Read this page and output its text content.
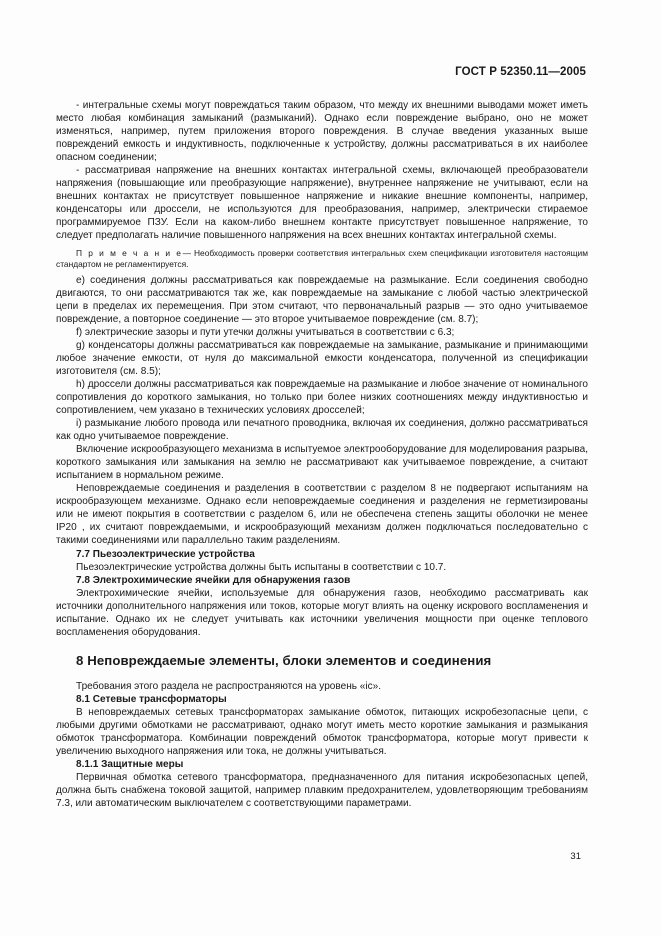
ГОСТ Р 52350.11—2005

- интегральные схемы могут повреждаться таким образом, что между их внешними выводами может иметь место любая комбинация замыканий (размыканий). Однако если повреждение выбрано, оно не может изменяться, например, путем приложения второго повреждения. В случае введения указанных выше повреждений емкость и индуктивность, подключенные к устройству, должны рассматриваться в их наиболее опасном соединении;

- рассматривая напряжение на внешних контактах интегральной схемы, включающей преобразователи напряжения (повышающие или преобразующие напряжение), внутреннее напряжение не учитывают, если на внешних контактах не присутствует повышенное напряжение и никакие внешние компоненты, например, конденсаторы или дроссели, не используются для преобразования, например, электрически стираемое программируемое ПЗУ. Если на каком-либо внешнем контакте присутствует повышенное напряжение, то следует предполагать наличие повышенного напряжения на всех внешних контактах интегральной схемы.

П р и м е ч а н и е— Необходимость проверки соответствия интегральных схем спецификации изготовителя настоящим стандартом не регламентируется.

е) соединения должны рассматриваться как повреждаемые на размыкание. Если соединения свободно двигаются, то они рассматриваются так же, как повреждаемые на замыкание с любой частью электрической цепи в пределах их перемещения. При этом считают, что первоначальный разрыв — это одно учитываемое повреждение, а повторное соединение — это второе учитываемое повреждение (см. 8.7);

f) электрические зазоры и пути утечки должны учитываться в соответствии с 6.3;

g) конденсаторы должны рассматриваться как повреждаемые на замыкание, размыкание и принимающими любое значение емкости, от нуля до максимальной емкости конденсатора, полученной из спецификации изготовителя (см. 8.5);

h) дроссели должны рассматриваться как повреждаемые на размыкание и любое значение от номинального сопротивления до короткого замыкания, но только при более низких соотношениях между индуктивностью и сопротивлением, чем указано в технических условиях дросселей;

i) размыкание любого провода или печатного проводника, включая их соединения, должно рассматриваться как одно учитываемое повреждение.

Включение искрообразующего механизма в испытуемое электрооборудование для моделирования разрыва, короткого замыкания или замыкания на землю не рассматривают как учитываемое повреждение, а считают испытанием в нормальном режиме.

Неповреждаемые соединения и разделения в соответствии с разделом 8 не подвергают испытаниям на искрообразующем механизме. Однако если неповреждаемые соединения и разделения не герметизированы или не имеют покрытия в соответствии с разделом 6, или не обеспечена степень защиты оболочки не менее IP20 , их считают повреждаемыми, и искрообразующий механизм должен подключаться последовательно с такими соединениями или параллельно таким разделениям.

7.7 Пьезоэлектрические устройства

Пьезоэлектрические устройства должны быть испытаны в соответствии с 10.7.

7.8 Электрохимические ячейки для обнаружения газов

Электрохимические ячейки, используемые для обнаружения газов, необходимо рассматривать как источники дополнительного напряжения или токов, которые могут влиять на оценку искрового воспламенения и испытание. Однако их не следует учитывать как источники увеличения мощности при оценке теплового воспламенения оборудования.

8 Неповреждаемые элементы, блоки элементов и соединения

Требования этого раздела не распространяются на уровень «ic».

8.1 Сетевые трансформаторы

В неповреждаемых сетевых трансформаторах замыкание обмоток, питающих искробезопасные цепи, с любыми другими обмотками не рассматривают, однако могут иметь место короткие замыкания и размыкания обмоток трансформатора. Комбинации повреждений обмоток трансформатора, которые могут привести к увеличению выходного напряжения или тока, не должны учитываться.

8.1.1 Защитные меры

Первичная обмотка сетевого трансформатора, предназначенного для питания искробезопасных цепей, должна быть снабжена токовой защитой, например плавким предохранителем, удовлетворяющим требованиям 7.3, или автоматическим выключателем с соответствующими параметрами.

31
